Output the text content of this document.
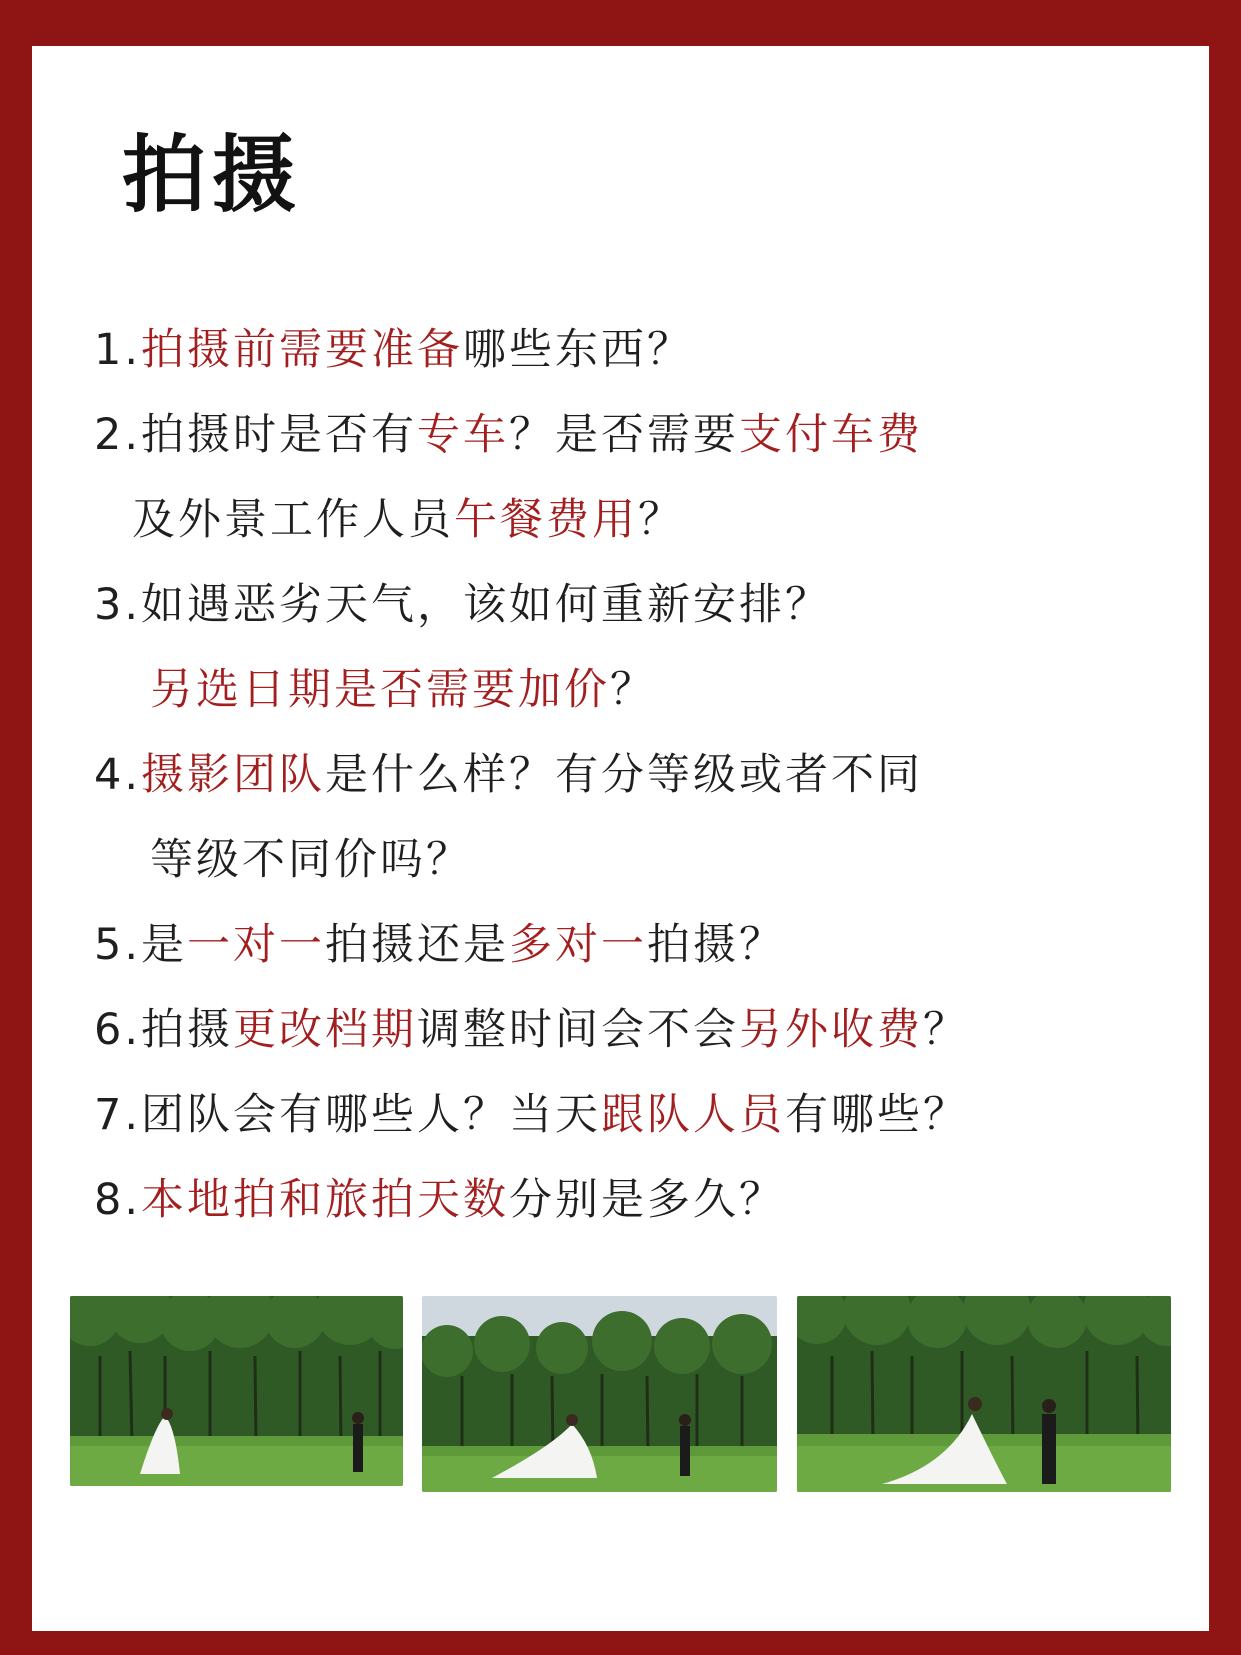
拍摄
1.拍摄前需要准备哪些东西？
2.拍摄时是否有专车？是否需要支付车费
及外景工作人员午餐费用？
3.如遇恶劣天气，该如何重新安排？
另选日期是否需要加价？
4.摄影团队是什么样？有分等级或者不同
等级不同价吗？
5.是一对一拍摄还是多对一拍摄？
6.拍摄更改档期调整时间会不会另外收费？
7.团队会有哪些人？当天跟队人员有哪些？
8.本地拍和旅拍天数分别是多久？
